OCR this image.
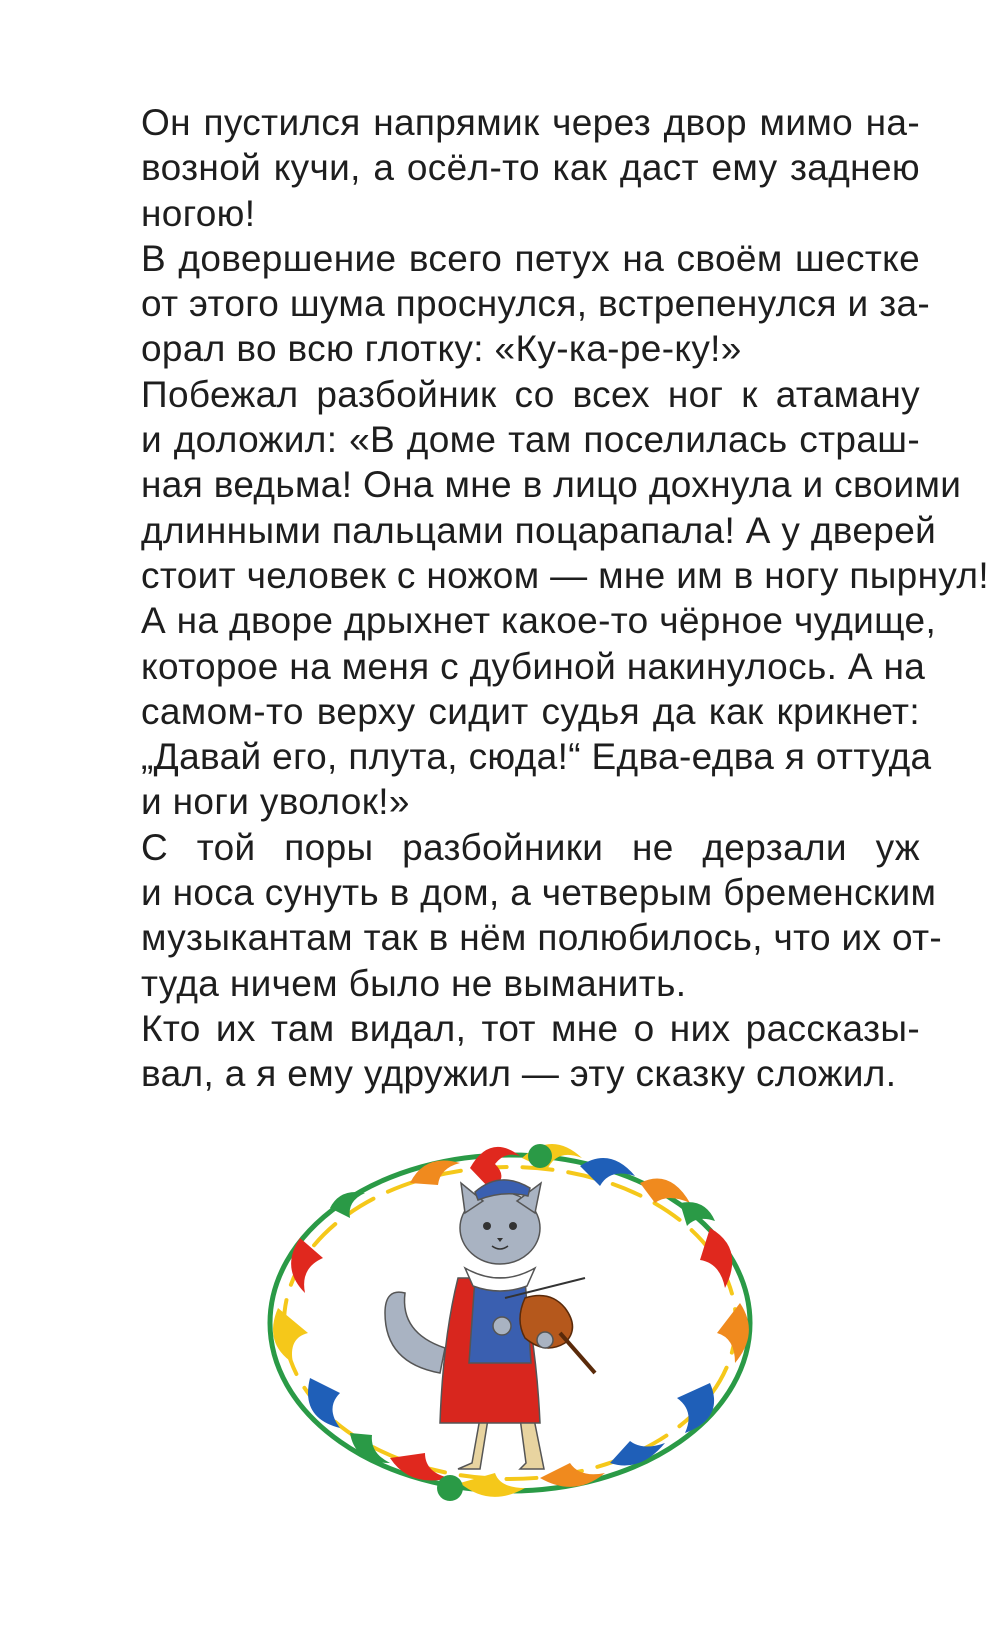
Он пустился напрямик через двор мимо на-
возной кучи, а осёл-то как даст ему заднею
ногою!

В довершение всего петух на своём шестке
от этого шума проснулся, встрепенулся и за-
орал во всю глотку: «Ку-ка-ре-ку!»

Побежал разбойник со всех ног к атаману
и доложил: «В доме там поселилась страш-
ная ведьма! Она мне в лицо дохнула и своими
длинными пальцами поцарапала! А у дверей
стоит человек с ножом — мне им в ногу пырнул!
А на дворе дрыхнет какое-то чёрное чудище,
которое на меня с дубиной накинулось. А на
самом-то верху сидит судья да как крикнет:
„Давай его, плута, сюда!“ Едва-едва я оттуда
и ноги уволок!»

С той поры разбойники не дерзали уж
и носа сунуть в дом, а четверым бременским
музыкантам так в нём полюбилось, что их от-
туда ничем было не выманить.

Кто их там видал, тот мне о них рассказы-
вал, а я ему удружил — эту сказку сложил.
